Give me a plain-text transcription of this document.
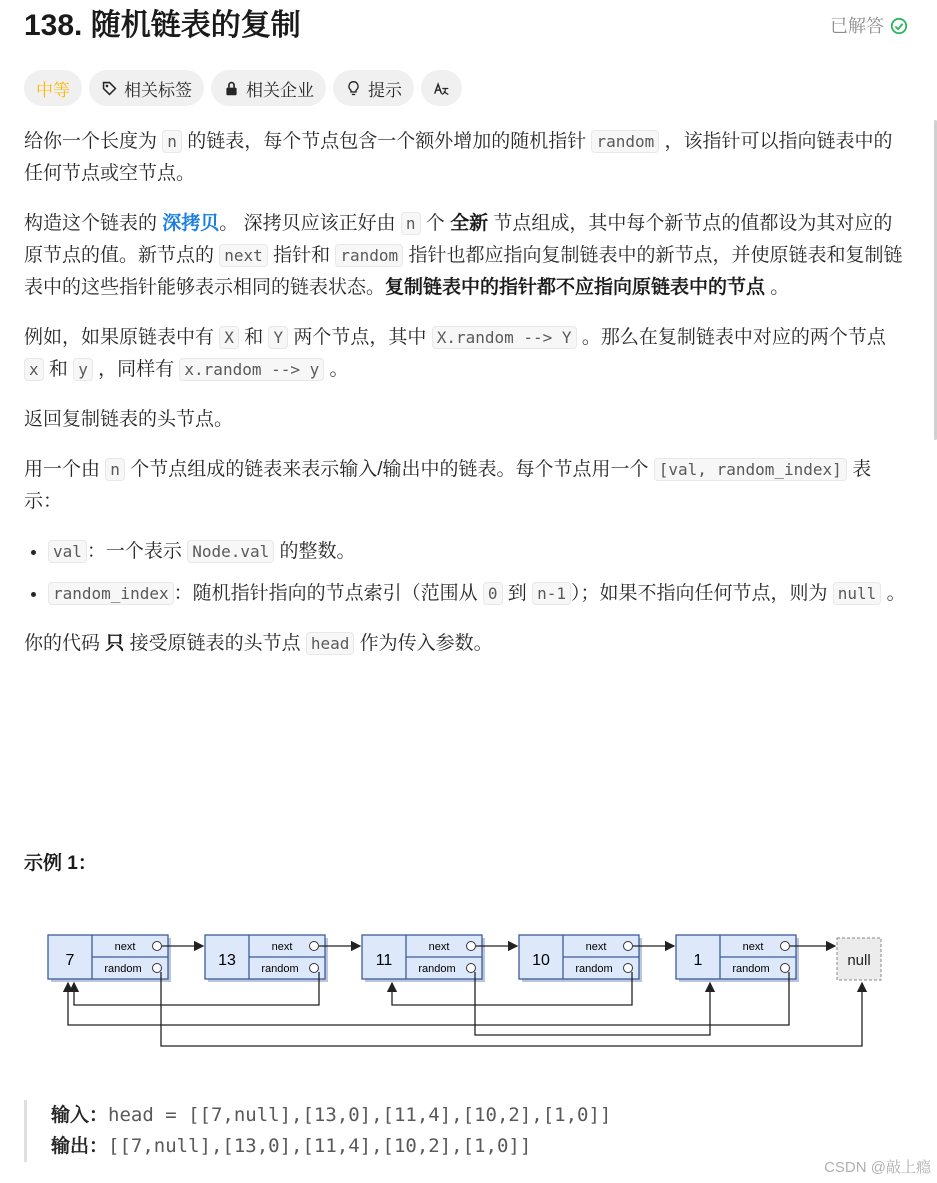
138. 随机链表的复制	已解答
中等	相关标签	相关企业	提示

给你一个长度为 n 的链表，每个节点包含一个额外增加的随机指针 random ，该指针可以指向链表中的任何节点或空节点。

构造这个链表的 深拷贝。 深拷贝应该正好由 n 个 全新 节点组成，其中每个新节点的值都设为其对应的原节点的值。新节点的 next 指针和 random 指针也都应指向复制链表中的新节点，并使原链表和复制链表中的这些指针能够表示相同的链表状态。复制链表中的指针都不应指向原链表中的节点 。

例如，如果原链表中有 X 和 Y 两个节点，其中 X.random --> Y 。那么在复制链表中对应的两个节点 x 和 y ，同样有 x.random --> y 。

返回复制链表的头节点。

用一个由 n 个节点组成的链表来表示输入/输出中的链表。每个节点用一个 [val, random_index] 表示：

• val ：一个表示 Node.val 的整数。
• random_index ：随机指针指向的节点索引（范围从 0 到 n-1 ）；如果不指向任何节点，则为 null 。

你的代码 只 接受原链表的头节点 head 作为传入参数。

示例 1：
7
next
random	13
next
random	11
next
random	10
next
random	1
next
random	null
输入：head = [[7,null],[13,0],[11,4],[10,2],[1,0]]
输出：[[7,null],[13,0],[11,4],[10,2],[1,0]]
CSDN @敲上瘾
